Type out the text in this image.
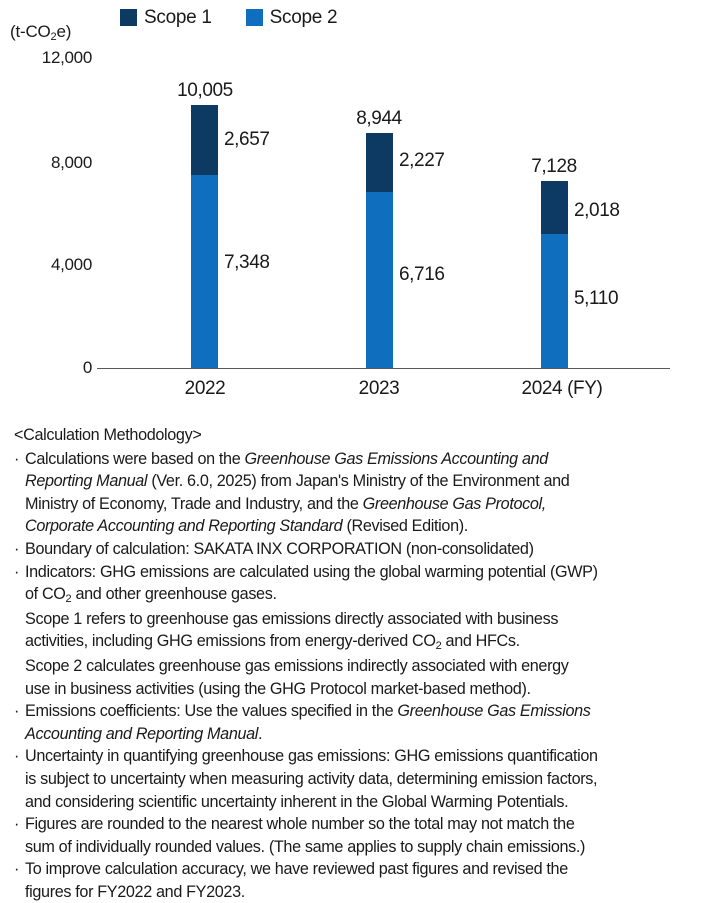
$(t-CO_2e)$
Scope 1	Scope 2
12,000
8,000
4,000
0
10,005
2,657
7,348
2022
8,944
2,227
6,716
2023
7,128
2,018
5,110
2024 (FY)
<Calculation Methodology>
· Calculations were based on the Greenhouse Gas Emissions Accounting and
Reporting Manual (Ver. 6.0, 2025) from Japan's Ministry of the Environment and
Ministry of Economy, Trade and Industry, and the Greenhouse Gas Protocol,
Corporate Accounting and Reporting Standard (Revised Edition).
· Boundary of calculation: SAKATA INX CORPORATION (non-consolidated)
· Indicators: GHG emissions are calculated using the global warming potential (GWP)
of $CO_2$ and other greenhouse gases.
Scope 1 refers to greenhouse gas emissions directly associated with business
activities, including GHG emissions from energy-derived $CO_2$ and HFCs.
Scope 2 calculates greenhouse gas emissions indirectly associated with energy
use in business activities (using the GHG Protocol market-based method).
· Emissions coefficients: Use the values specified in the Greenhouse Gas Emissions
Accounting and Reporting Manual.
· Uncertainty in quantifying greenhouse gas emissions: GHG emissions quantification
is subject to uncertainty when measuring activity data, determining emission factors,
and considering scientific uncertainty inherent in the Global Warming Potentials.
· Figures are rounded to the nearest whole number so the total may not match the
sum of individually rounded values. (The same applies to supply chain emissions.)
· To improve calculation accuracy, we have reviewed past figures and revised the
figures for FY2022 and FY2023.
